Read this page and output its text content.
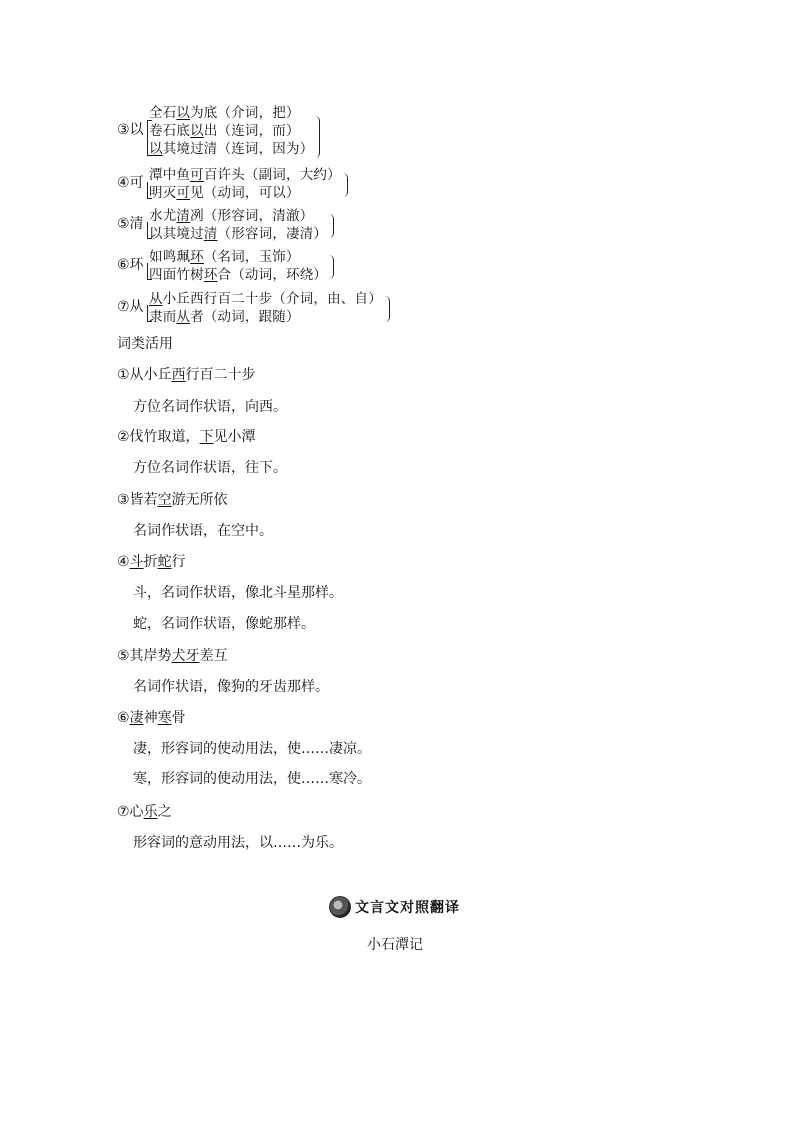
③以
全石以为底（介词，把）
卷石底以出（连词，而）
以其境过清（连词，因为）
④可 潭中鱼可百许头（副词，大约）
明灭可见（动词，可以）
⑤清 水尤清冽（形容词，清澈）
以其境过清（形容词，凄清）
⑥环 如鸣珮环（名词，玉饰）
四面竹树环合（动词，环绕）
⑦从 从小丘西行百二十步（介词，由、自）
隶而从者（动词，跟随）
词类活用
①从小丘西行百二十步
方位名词作状语，向西。
②伐竹取道，下见小潭
方位名词作状语，往下。
③皆若空游无所依
名词作状语，在空中。
④斗折蛇行
斗，名词作状语，像北斗星那样。
蛇，名词作状语，像蛇那样。
⑤其岸势犬牙差互
名词作状语，像狗的牙齿那样。
⑥凄神寒骨
凄，形容词的使动用法，使……凄凉。
寒，形容词的使动用法，使……寒冷。
⑦心乐之
形容词的意动用法，以……为乐。
文言文对照翻译
小石潭记
